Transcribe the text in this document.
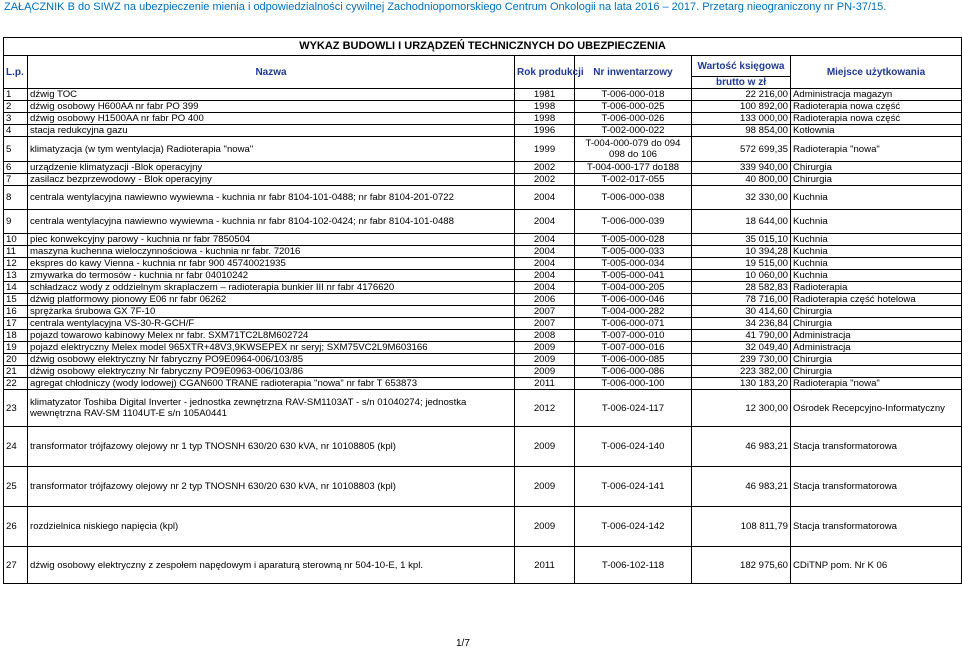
ZAŁĄCZNIK B do SIWZ na ubezpieczenie mienia i odpowiedzialności cywilnej Zachodniopomorskiego Centrum Onkologii na lata 2016 – 2017. Przetarg nieograniczony nr PN-37/15.
WYKAZ BUDOWLI I URZĄDZEŃ TECHNICZNYCH DO UBEZPIECZENIA					
L.p.	Nazwa	Rok produkcji	Nr inwentarzowy	Wartość księgowa	Miejsce użytkowania
				brutto w zł	
1	dźwig TOC	1981	T-006-000-018	22 216,00	Administracja magazyn
2	dźwig osobowy H600AA nr fabr PO 399	1998	T-006-000-025	100 892,00	Radioterapia nowa część
3	dźwig osobowy H1500AA nr fabr PO 400	1998	T-006-000-026	133 000,00	Radioterapia nowa część
4	stacja redukcyjna gazu	1996	T-002-000-022	98 854,00	Kotłownia
5	klimatyzacja (w tym wentylacja) Radioterapia "nowa"	1999	T-004-000-079 do 094 098 do 106	572 699,35	Radioterapia "nowa"
6	urządzenie klimatyzacji -Blok operacyjny	2002	T-004-000-177 do188	339 940,00	Chirurgia
7	zasilacz bezprzewodowy - Blok operacyjny	2002	T-002-017-055	40 800,00	Chirurgia
8	centrala wentylacyjna nawiewno wywiewna - kuchnia nr fabr 8104-101-0488; nr fabr 8104-201-0722	2004	T-006-000-038	32 330,00	Kuchnia
9	centrala wentylacyjna nawiewno wywiewna - kuchnia nr fabr 8104-102-0424; nr fabr 8104-101-0488	2004	T-006-000-039	18 644,00	Kuchnia
10	piec konwekcyjny parowy - kuchnia nr fabr 7850504	2004	T-005-000-028	35 015,10	Kuchnia
11	maszyna kuchenna wieloczynnościowa - kuchnia nr fabr. 72016	2004	T-005-000-033	10 394,28	Kuchnia
12	ekspres do kawy Vienna - kuchnia nr fabr 900 45740021935	2004	T-005-000-034	19 515,00	Kuchnia
13	zmywarka do termosów - kuchnia nr fabr 04010242	2004	T-005-000-041	10 060,00	Kuchnia
14	schładzacz wody z oddzielnym skraplaczem – radioterapia bunkier III nr fabr 4176620	2004	T-004-000-205	28 582,83	Radioterapia
15	dźwig platformowy pionowy E06 nr fabr 06262	2006	T-006-000-046	78 716,00	Radioterapia część hotelowa
16	sprężarka śrubowa GX 7F-10	2007	T-004-000-282	30 414,60	Chirurgia
17	centrala wentylacyjna VS-30-R-GCH/F	2007	T-006-000-071	34 236,84	Chirurgia
18	pojazd towarowo kabinowy Melex nr fabr. SXM71TC2L8M602724	2008	T-007-000-010	41 790,00	Administracja
19	pojazd elektryczny Melex model 965XTR+48V3,9KWSEPEX nr seryj; SXM75VC2L9M603166	2009	T-007-000-016	32 049,40	Administracja
20	dźwig osobowy elektryczny Nr fabryczny PO9E0964-006/103/85	2009	T-006-000-085	239 730,00	Chirurgia
21	dźwig osobowy elektryczny Nr fabryczny PO9E0963-006/103/86	2009	T-006-000-086	223 382,00	Chirurgia
22	agregat chłodniczy (wody lodowej) CGAN600 TRANE radioterapia "nowa" nr fabr T 653873	2011	T-006-000-100	130 183,20	Radioterapia "nowa"
23	klimatyzator Toshiba Digital Inverter - jednostka zewnętrzna RAV-SM1103AT - s/n 01040274; jednostka wewnętrzna RAV-SM 1104UT-E s/n 105A0441	2012	T-006-024-117	12 300,00	Ośrodek Recepcyjno-Informatyczny
24	transformator trójfazowy olejowy nr 1 typ TNOSNH 630/20 630 kVA, nr 10108805 (kpl)	2009	T-006-024-140	46 983,21	Stacja transformatorowa
25	transformator trójfazowy olejowy nr 2 typ TNOSNH 630/20 630 kVA, nr 10108803 (kpl)	2009	T-006-024-141	46 983,21	Stacja transformatorowa
26	rozdzielnica niskiego napięcia (kpl)	2009	T-006-024-142	108 811,79	Stacja transformatorowa
27	dźwig osobowy elektryczny z zespołem napędowym i aparaturą sterowną nr 504-10-E, 1 kpl.	2011	T-006-102-118	182 975,60	CDiTNP pom. Nr K 06
1/7
